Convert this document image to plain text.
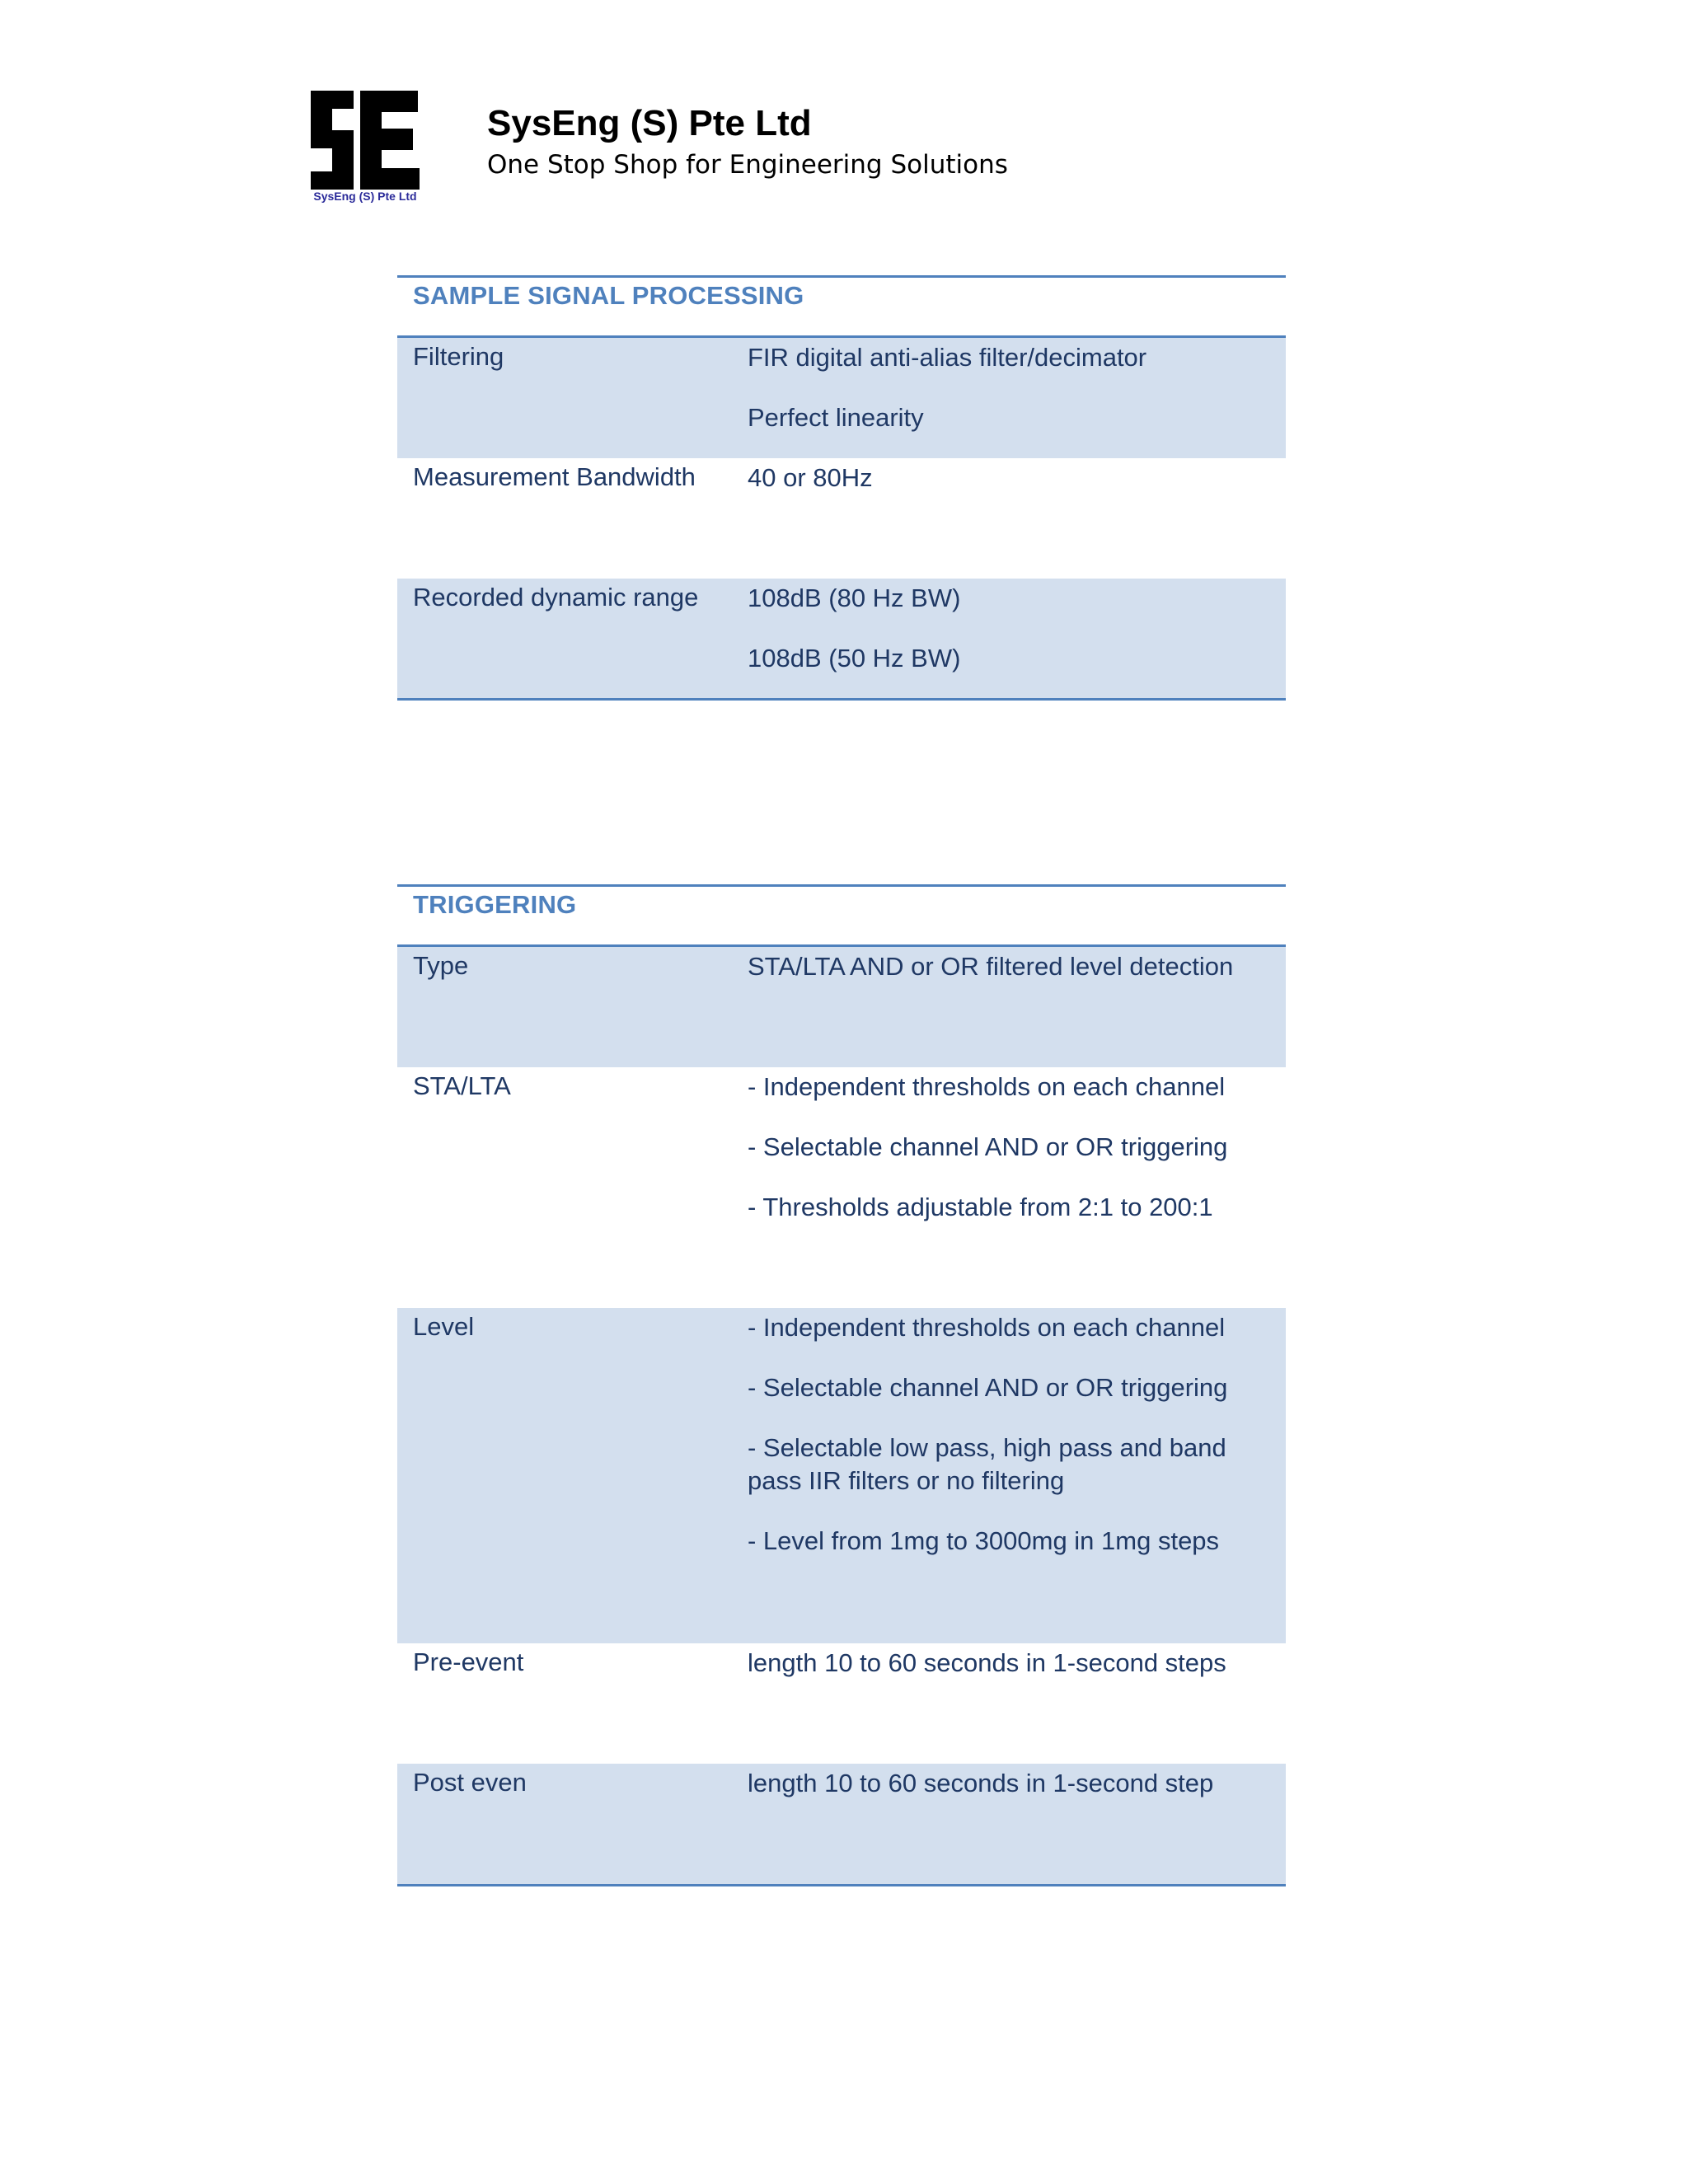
SysEng (S) Pte Ltd
SysEng (S) Pte Ltd
One Stop Shop for Engineering Solutions
SAMPLE SIGNAL PROCESSING
Filtering	FIR digital anti-alias filter/decimator
Perfect linearity
Measurement Bandwidth	40 or 80Hz
Recorded dynamic range	108dB (80 Hz BW)
108dB (50 Hz BW)
TRIGGERING
Type	STA/LTA AND or OR filtered level detection
STA/LTA	- Independent thresholds on each channel
- Selectable channel AND or OR triggering
- Thresholds adjustable from 2:1 to 200:1
Level	- Independent thresholds on each channel
- Selectable channel AND or OR triggering
- Selectable low pass, high pass and band pass IIR filters or no filtering
- Level from 1mg to 3000mg in 1mg steps
Pre-event	length 10 to 60 seconds in 1-second steps
Post even	length 10 to 60 seconds in 1-second step
